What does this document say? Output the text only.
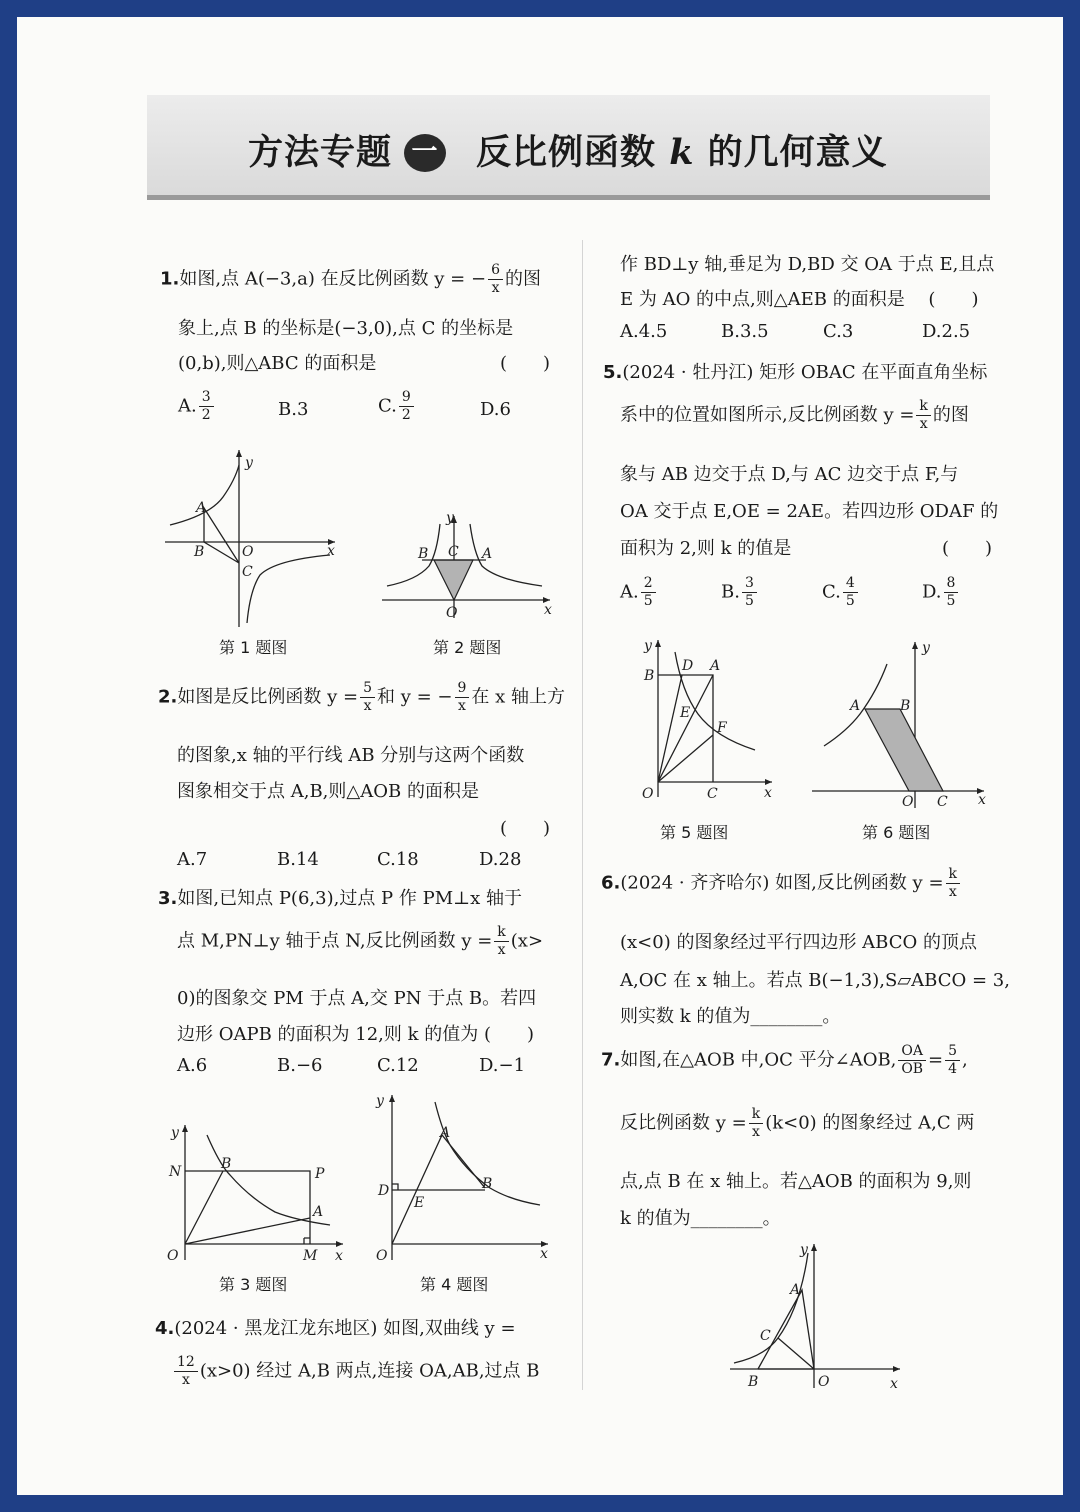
方法专题 一 反比例函数 k 的几何意义
1.如图,点 A(−3,a) 在反比例函数 y = − $\frac{6}{x}$ 的图
象上,点 B 的坐标是(−3,0),点 C 的坐标是
(0,b),则△ABC 的面积是	(　　)
A. $\frac{3}{2}$	B.3	C. $\frac{9}{2}$	D.6
x
y
A
B	O
C
第 1 题图
x
y
B C A
O
第 2 题图
2.如图是反比例函数 $y = \frac{5}{x}$ 和 y = − $\frac{9}{x}$ 在 x 轴上方
的图象,x 轴的平行线 AB 分别与这两个函数
图象相交于点 A,B,则△AOB 的面积是
(　　)
A.7	B.14	C.18	D.28
3.如图,已知点 P(6,3),过点 P 作 PM⊥x 轴于
点 M,PN⊥y 轴于点 N,反比例函数 $y = \frac{k}{x} (x>$
0)的图象交 PM 于点 A,交 PN 于点 B。若四
边形 OAPB 的面积为 12,则 k 的值为 (　　)
A.6	B.−6	C.12	D.−1
x
y
N	B
P
A
O	M
第 3 题图
x
y
A
D
E
B
O
第 4 题图
4.(2024 · 黑龙江龙东地区) 如图,双曲线 y =
$\frac{12}{x} (x>0)$ 经过 A,B 两点,连接 OA,AB,过点 B
作 BD⊥y 轴,垂足为 D,BD 交 OA 于点 E,且点
E 为 AO 的中点,则△AEB 的面积是　 (　　)
A.4.5	B.3.5	C.3	D.2.5
5.(2024 · 牡丹江) 矩形 OBAC 在平面直角坐标
系中的位置如图所示,反比例函数 $y = \frac{k}{x}$ 的图
象与 AB 边交于点 D,与 AC 边交于点 F,与
OA 交于点 E,OE = 2AE。若四边形 ODAF 的
面积为 2,则 k 的值是	(　　)
A. $\frac{2}{5}$	B. $\frac{3}{5}$	C. $\frac{4}{5}$	D. $\frac{8}{5}$
x
y
B
D A
E
F
O	C
第 5 题图
x
y
A	B
O C
第 6 题图
6.(2024 · 齐齐哈尔) 如图,反比例函数 $y = \frac{k}{x}$
(x<0) 的图象经过平行四边形 ABCO 的顶点
A,OC 在 x 轴上。若点 B(−1,3),S▱ABCO = 3,
则实数 k 的值为________。
7.如图,在△AOB 中,OC 平分∠AOB, $\frac{OA}{OB} = \frac{5}{4}$ ,
反比例函数 $y = \frac{k}{x} (k<0)$ 的图象经过 A,C 两
点,点 B 在 x 轴上。若△AOB 的面积为 9,则
k 的值为________。
x
y
A
C
B	O
